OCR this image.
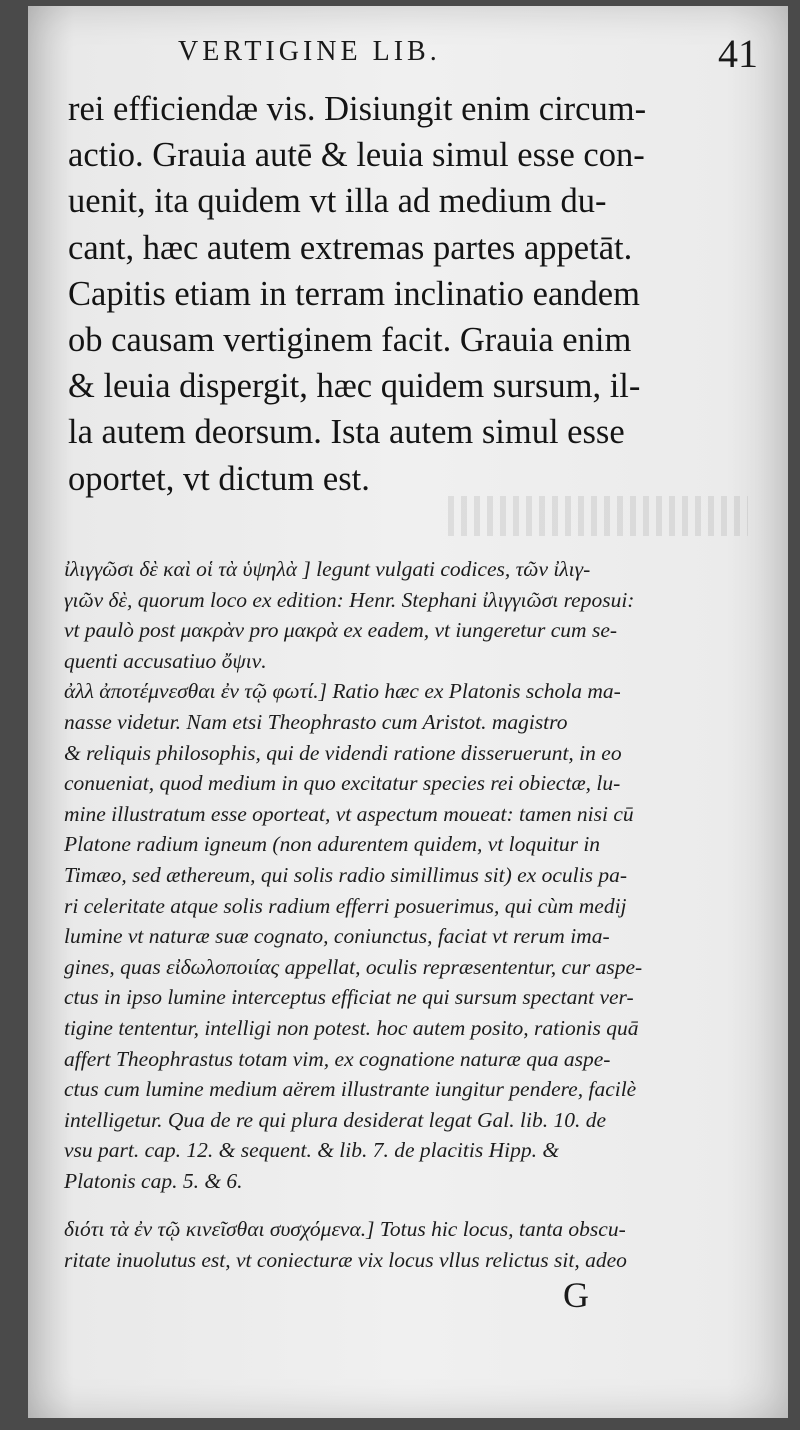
VERTIGINE LIB.	41
rei efficiendæ vis. Disiungit enim circum-
actio. Grauia autē & leuia simul esse con-
uenit, ita quidem vt illa ad medium du-
cant, hæc autem extremas partes appetāt.
Capitis etiam in terram inclinatio eandem
ob causam vertiginem facit. Grauia enim
& leuia dispergit, hæc quidem sursum, il-
la autem deorsum. Ista autem simul esse
oportet, vt dictum est.
ἰλιγγῶσι δὲ καὶ οἱ τὰ ὑψηλὰ ] legunt vulgati codices, τῶν ἰλιγ-
γιῶν δὲ, quorum loco ex edition: Henr. Stephani ἰλιγγιῶσι reposui:
vt paulò post μακρὰν pro μακρὰ ex eadem, vt iungeretur cum se-
quenti accusatiuo ὄψιν.
ἀλλ ἀποτέμνεσθαι ἐν τῷ φωτί.] Ratio hæc ex Platonis schola ma-
nasse videtur. Nam etsi Theophrasto cum Aristot. magistro
& reliquis philosophis, qui de videndi ratione disseruerunt, in eo
conueniat, quod medium in quo excitatur species rei obiectæ, lu-
mine illustratum esse oporteat, vt aspectum moueat: tamen nisi cū
Platone radium igneum (non adurentem quidem, vt loquitur in
Timæo, sed æthereum, qui solis radio simillimus sit) ex oculis pa-
ri celeritate atque solis radium efferri posuerimus, qui cùm medij
lumine vt naturæ suæ cognato, coniunctus, faciat vt rerum ima-
gines, quas εἰδωλοποιίας appellat, oculis repræsententur, cur aspe-
ctus in ipso lumine interceptus efficiat ne qui sursum spectant ver-
tigine tententur, intelligi non potest. hoc autem posito, rationis quā
affert Theophrastus totam vim, ex cognatione naturæ qua aspe-
ctus cum lumine medium aërem illustrante iungitur pendere, facilè
intelligetur. Qua de re qui plura desiderat legat Gal. lib. 10. de
vsu part. cap. 12. & sequent. & lib. 7. de placitis Hipp. &
Platonis cap. 5. & 6.
διότι τὰ ἐν τῷ κινεῖσθαι συσχόμενα.] Totus hic locus, tanta obscu-
ritate inuolutus est, vt coniecturæ vix locus vllus relictus sit, adeo
G
